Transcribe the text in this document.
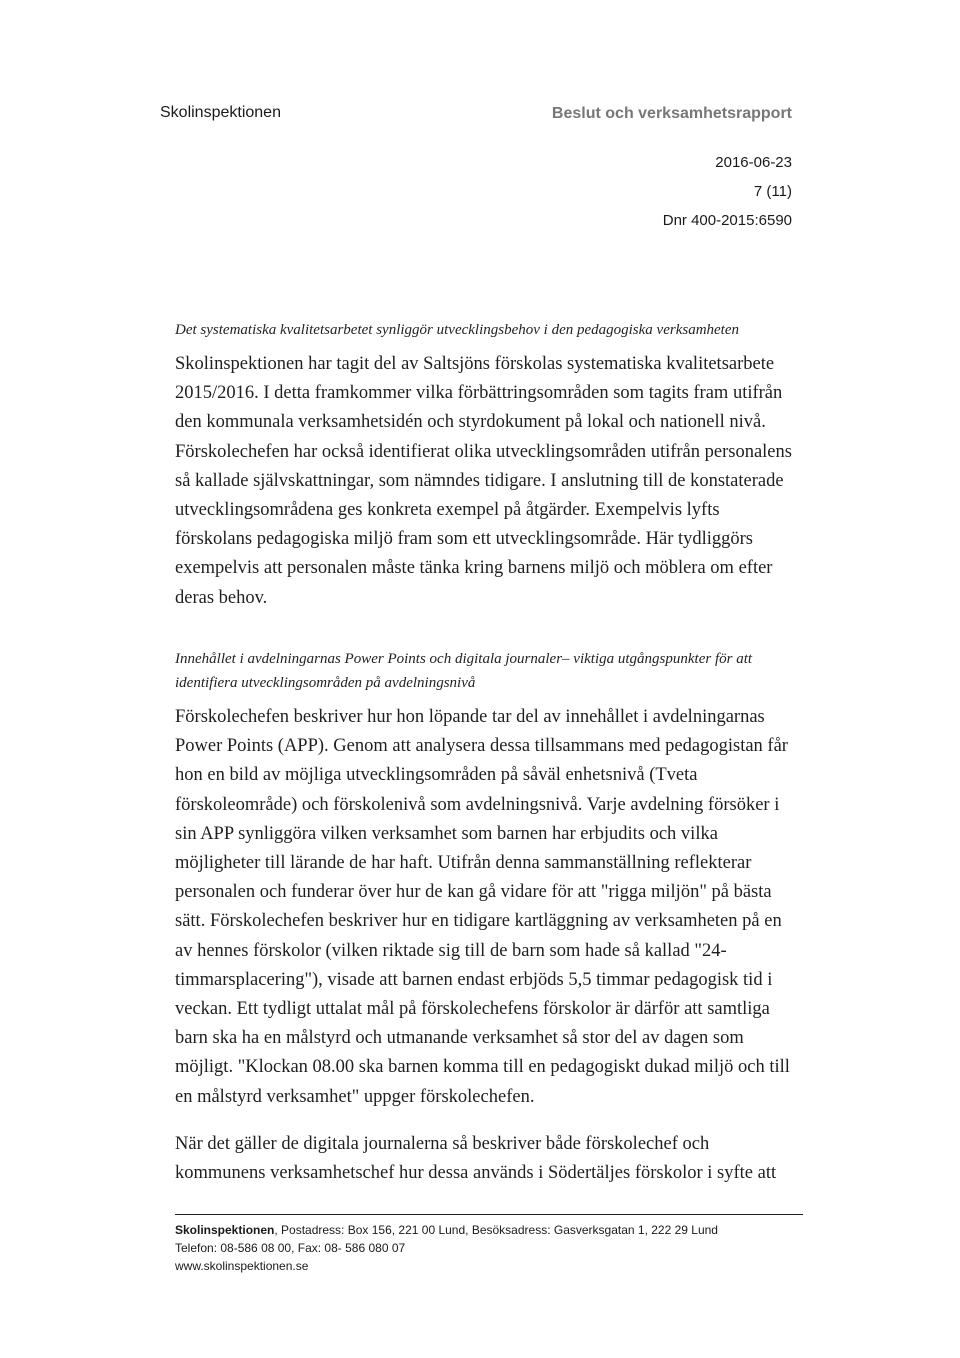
Skolinspektionen	Beslut och verksamhetsrapport
2016-06-23
7 (11)
Dnr 400-2015:6590

Det systematiska kvalitetsarbetet synliggör utvecklingsbehov i den pedagogiska verksamheten

Skolinspektionen har tagit del av Saltsjöns förskolas systematiska kvalitetsarbete 2015/2016. I detta framkommer vilka förbättringsområden som tagits fram utifrån den kommunala verksamhetsidén och styrdokument på lokal och nationell nivå. Förskolechefen har också identifierat olika utvecklingsområden utifrån personalens så kallade självskattningar, som nämndes tidigare. I anslutning till de konstaterade utvecklingsområdena ges konkreta exempel på åtgärder. Exempelvis lyfts förskolans pedagogiska miljö fram som ett utvecklingsområde. Här tydliggörs exempelvis att personalen måste tänka kring barnens miljö och möblera om efter deras behov.

Innehållet i avdelningarnas Power Points och digitala journaler– viktiga utgångspunkter för att identifiera utvecklingsområden på avdelningsnivå

Förskolechefen beskriver hur hon löpande tar del av innehållet i avdelningarnas Power Points (APP). Genom att analysera dessa tillsammans med pedagogistan får hon en bild av möjliga utvecklingsområden på såväl enhetsnivå (Tveta förskoleområde) och förskolenivå som avdelningsnivå. Varje avdelning försöker i sin APP synliggöra vilken verksamhet som barnen har erbjudits och vilka möjligheter till lärande de har haft. Utifrån denna sammanställning reflekterar personalen och funderar över hur de kan gå vidare för att "rigga miljön" på bästa sätt. Förskolechefen beskriver hur en tidigare kartläggning av verksamheten på en av hennes förskolor (vilken riktade sig till de barn som hade så kallad "24-timmarsplacering"), visade att barnen endast erbjöds 5,5 timmar pedagogisk tid i veckan. Ett tydligt uttalat mål på förskolechefens förskolor är därför att samtliga barn ska ha en målstyrd och utmanande verksamhet så stor del av dagen som möjligt. "Klockan 08.00 ska barnen komma till en pedagogiskt dukad miljö och till en målstyrd verksamhet" uppger förskolechefen.

När det gäller de digitala journalerna så beskriver både förskolechef och kommunens verksamhetschef hur dessa används i Södertäljes förskolor i syfte att

Skolinspektionen, Postadress: Box 156, 221 00 Lund, Besöksadress: Gasverksgatan 1, 222 29 Lund
Telefon: 08-586 08 00, Fax: 08- 586 080 07
www.skolinspektionen.se
